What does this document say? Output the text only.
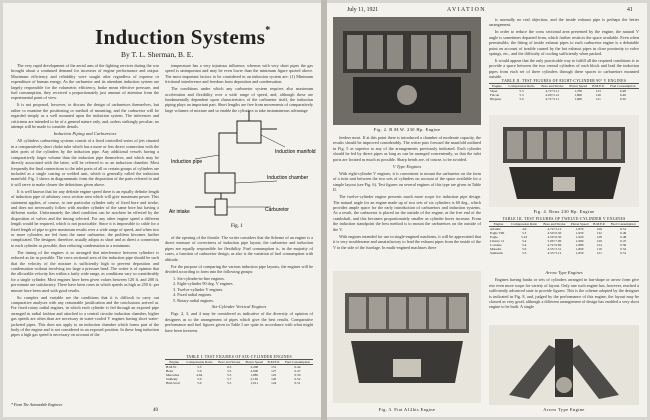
Induction Systems*
By T. L. Sherman, B. E.

The very rapid development of the aerial arm of the fighting services during the war brought about a continued demand for increases of engine performance and output. Maximum efficiency and reliability were sought after regardless of expense or expenditure of human energy. As the carburetor and its attendant induction system are largely responsible for the volumetric efficiency, brake mean effective pressure, and fuel consumption, they received a proportionately just amount of attention from the experimental point of view.

It is not proposed, however, to discuss the design of carburetors themselves, but rather to examine the positioning or method of mounting, and the carburetor will be regarded simply as a well mounted upon the induction system. The inferences and criticisms are intended to be of a general nature only, and, unless strikingly peculiar, no attempt will be made to consider details.

Induction Piping and Carburetors

All cylinders carbureting systems consist of a fixed controlled series of jets situated in a comparatively short choke tube which has a more or less direct connection with the inlet ports of the cylinders by the induction pipe. Any additional vessels having a comparatively larger volume than the induction pipe themselves, and which may be directly associated with the latter, will be referred to as an induction chamber. Most frequently the final connections to the inlet ports of all or certain groups of cylinders are included as a single casting or welded unit, which is generally called the induction manifold. Fig. 1 shows in diagrammatic form the disposition of the parts referred to and it will serve to make clearer the definitions given above.

It is well known that for any definite engine speed there is an equally definite length of induction pipe of arbitrary cross section area which will give maximum power. This statement applies, of course, to one particular cylinder only of fixed bore and stroke, and does not necessarily follow with another cylinder of the same bore but having a different stroke. Unfortunately the ideal condition can be nowhere be effected by the disposition of valves and the timing selected. For any other engine speed a different length would be required, which is not practicable. Since it is impossible to cable for a fixed length of pipe to give maximum results over a wide range of speed, and when two or more cylinders are fed from the same carburetor, the problem becomes further complicated. The designer, therefore, usually adopts as short and as direct a connection to each cylinder as possible, thus reducing condensation to a minimum.

The timing of the engines is so arranged that interference between cylinders is reduced as far as possible. The cross sectional area of the induction pipe should be such that the velocity of the mixture is sufficiently high to prevent deposition and condensation without involving too large a pressure head. The writer is of opinion that the allowable velocity lies within a fairly wide range, as conditions vary so considerably for a single cylinder. Most engines have been given values between 120 ft. and 200 ft. per minute are satisfactory. There have been cases in which speeds as high as 250 ft. per minute have been used with good results.

So complex and variable are the conditions that it is difficult to carry out comparative analyses with any reasonable justification and the conclusions arrived at. For fixed rotary radial engines, in which each cylinder is fed through an exposed pipe arranged in radial fashion and attached to a central circular induction chamber, higher gas speeds are often than are necessary in water-cooled V engines having short water-jacketed pipes. This does not apply to an induction chamber which forms part of the body of the engine and is not considered in an exposed position. In these long induction pipes a high gas speed is necessary on account of the

temperature has a very injurious influence, whereas with very short pipes the gas speed is unimportant and may be even lower than the minimum figure quoted above. The most important factors to be considered in an induction system are: (1) Minimum frictional interference and freedom from deposition and condensation.

The conditions under which any carburetor system requires also maximum acceleration and flexibility over a wide range of speed, and, although these are fundamentally dependent upon characteristics of the carburetor itself, the induction piping plays an important part. Short lengths are free from movements of comparatively large volumes of mixture and so enable the cylinders to take instantaneous advantage

Induction manifold
Induction pipe
Induction chamber
Carburetor
Air intake
Fig. 1

of the opening of the throttle. The writer considers that the Scheme of an engine is a direct measure of correctness of induction pipe layout; the carburetor and induction pipes are equally responsible for flexibility. Fuel consumption is, in the majority of cases, a function of carburetor design, as also is the variation of fuel consumption with altitude.

For the purpose of comparing the various induction pipe layouts, the engines will be divided according to form into the following groups:

1. Six-cylinder-in-line engines.
2. Eight-cylinder 90 deg. V engines.
3. Twelve-cylinder V engines.
4. Fixed radial engines.
5. Rotary radial engines.
Six-Cylinder Vertical Engines

Figs. 2, 3, and 4 may be considered as indicative of the diversity of opinion of designers as to the arrangement of pipes which give the best results. Comparative performance and fuel figures given in Table I are quite in accordance with what might have been foreseen.

TABLE I. TEST FIGURES OF SIX-CYLINDER ENGINES
Engine	Compression Ratio	Bore and Stroke	Piston Speed	B.M.E.P.	Fuel Consumption
B.M.W.	5.5	6.3	2,200	131	0.44
Benz	5.0	5.5	2,000	127	0.47
Mercedes	4.94	5.5	1,885	122	0.50
Siddeley	5.0	5.7	2,165	120	0.52
Hall-Scott	5.0	5.5	1,911	124	0.51
* From The Automobile Engineer.
40
July 11, 1921	AVIATION	41
Fig. 2. B.M.W. 230 Hp. Engine

feeders most. If at this point there is introduced a chamber of moderate capacity, the results should be improved considerably. The writer puts forward the manifold outlined in Fig. 5 as superior to any of the arrangements previously indicated. Each cylinder should be fed by direct pipes as long as can be arranged conveniently, so that the inlet ports are located as much as possible. Sharp bends are, of course, to be avoided.

V Type Engines

With eight-cylinder V engines, it is convenient to mount the carburetor on the form of a twin unit between the two sets of cylinders on account of the space available for a simple layout (see Fig. 6). Test figures on several engines of this type are given in Table II.

The twelve-cylinder engine presents much more scope for induction pipe design. The natural angle for an engine made up of two sets of six cylinders is 60 deg., which provides ample space for the early introduction of carburetors and induction systems. As a result, the carburetor is placed on the outside of the engine, at the free end of the crankshaft, and this becomes proportionately smaller as cylinder bores increase. From the induction standpoint the best method is to mount the carburetors on the outside of the V.

With engines intended for use in single-engined machines, it will be appreciated that it is very troublesome and unsatisfactory to lead the exhaust pipes from the inside of the V to the side of the fuselage. In multi-engined machines there

Fig. 3. Fiat A12bis Engine

is normally no real objection, and the inside exhaust pipe is perhaps the better arrangement.

In order to reduce the cross sectional area presented by the engine, the natural V angle is sometimes departed from, which further restricts the space available. Even when permissible, the fitting of inside exhaust pipes to each carburetor engine is a debatable point on account of trouble caused by the hot exhaust pipes in close proximity to valve springs, etc., and the difficulty of cooling sufficiently when packed.

It would appear that the only practicable way to fulfill all the required conditions is to provide a space between the two central cylinders of each block and lead the induction pipes from each set of three cylinders through these spaces to carburetors mounted outside.

TABLE II. TEST FIGURES OF EIGHT-CYLINDER 90° V ENGINES
Engine	Compression Ratio	Bore and Stroke	Piston Speed	B.M.E.P.	Fuel Consumption
Viper	5.3	4.72×5.11	1,700	123	0.48
Falcon	5.3	4.00×5.12	1,800	126	0.46
Hispano	5.0	4.72×5.11	1,900	121	0.50
Fig. 4. Benz 230 Hp. Engine
TABLE III. TEST FIGURES OF TWELVE-CYLINDER V ENGINES
Engine	Compression Ratio	Bore and Stroke	Piston Speed	B.M.E.P.	Fuel Consumption
Atlantic	4.6	4.72×5.12	1,870	120	0.51
Eagle VIII	5.3	4.50×6.50	1,950	132	0.49
Eagle	5.22	4.50×6.50	1,920	128	0.48
Liberty 12	5.4	5.00×7.00	1,960	129	0.47
Lorraine	5.4	4.72×6.69	1,880	124	0.50
Matador	5.0	4.55×5.51	1,800	119	0.52
Sunbeam	5.3	4.33×5.12	1,850	121	0.51
Arrow Type Engines

Engines having banks or sets of cylinders arranged in fan-shape or arrow form give rise even more scope for variety of layout. Only one such engine has, however, reached a sufficiently advanced state to provide figures. This is the scheme adopted by the designer is indicated in Fig. 8, and, judged by the performance of this engine, the layout may be classed as very good, although a different arrangement of design has enabled a very short engine to be built. A single

Arrow Type Engine
